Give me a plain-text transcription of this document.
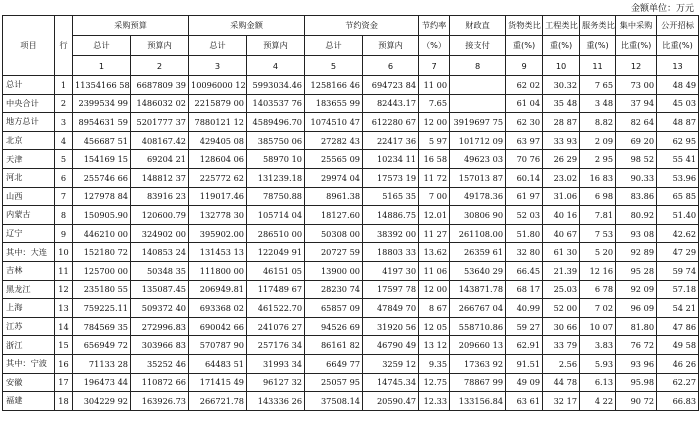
金额单位：万元
项目	行	采购预算		采购金额		节约资金		节约率	财政直	货物类比	工程类比	服务类比	集中采购	公开招标
		总计	预算内	总计	预算内	总计	预算内	（%）	接支付	重(%)	重(%)	重(%)	比重(%)	比重(%)
		1	2	3	4	5	6	7	8	9	10	11	12	13
总计	1	11354166 58	6687809 39	10096000 12	5993034.46	1258166 46	694723 84	11 00		62 02	30.32	7 65	73 00	48 49
中央合计	2	2399534 99	1486032 02	2215879 00	1403537 76	183655 99	82443.17	7.65		61 04	35 48	3 48	37 94	45 03
地方总计	3	8954631 59	5201777 37	7880121 12	4589496.70	1074510 47	612280 67	12 00	3919697 75	62 30	28 87	8.82	82 64	48 87
北京	4	456687 51	408167.42	429405 08	385750 06	27282 43	22417 36	5 97	101712 09	63 97	33 93	2 09	69 20	62 95
天津	5	154169 15	69204 21	128604 06	58970 10	25565 09	10234 11	16 58	49623 03	70 76	26 29	2 95	98 52	55 41
河北	6	255746 66	148812 37	225772 62	131239.18	29974 04	17573 19	11 72	157013 87	60.14	23.02	16 83	90.33	53.96
山西	7	127978 84	83916 23	119017.46	78750.88	8961.38	5165 35	7 00	49178.36	61 97	31.06	6 98	83.86	65 85
内蒙古	8	150905.90	120600.79	132778 30	105714 04	18127.60	14886.75	12.01	30806 90	52 03	40 16	7.81	80.92	51.40
辽宁	9	446210 00	324902 00	395902.00	286510 00	50308 00	38392 00	11 27	261108.00	51.80	40 67	7 53	93 08	42.62
其中：大连	10	152180 72	140853 24	131453 13	122049 91	20727 59	18803 33	13.62	26359 61	32 80	61 30	5 20	92 89	47 29
吉林	11	125700 00	50348 35	111800 00	46151 05	13900 00	4197 30	11 06	53640 29	66.45	21.39	12 16	95 28	59 74
黑龙江	12	235180 55	135087.45	206949.81	117489 67	28230 74	17597 78	12 00	143871.78	68 17	25.03	6 78	92 09	57.18
上海	13	759225.11	509372 40	693368 02	461522.70	65857 09	47849 70	8 67	266767 04	40.99	52 00	7 02	96 09	54 21
江苏	14	784569 35	272996.83	690042 66	241076 27	94526 69	31920 56	12 05	558710.86	59 27	30 66	10 07	81.80	47 86
浙江	15	656949 72	303966 83	570787 90	257176 34	86161 82	46790 49	13 12	209660 13	62.91	33 79	3.83	76 72	49 58
其中：宁波	16	71133 28	35252 46	64483 51	31993 34	6649 77	3259 12	9.35	17363 92	91.51	2.56	5.93	93 96	46 26
安徽	17	196473 44	110872 66	171415 49	96127 32	25057 95	14745.34	12.75	78867 99	49 09	44 78	6.13	95.98	62.27
福建	18	304229 92	163926.73	266721.78	143336 26	37508.14	20590.47	12.33	133156.84	63 61	32 17	4 22	90 72	66.83
